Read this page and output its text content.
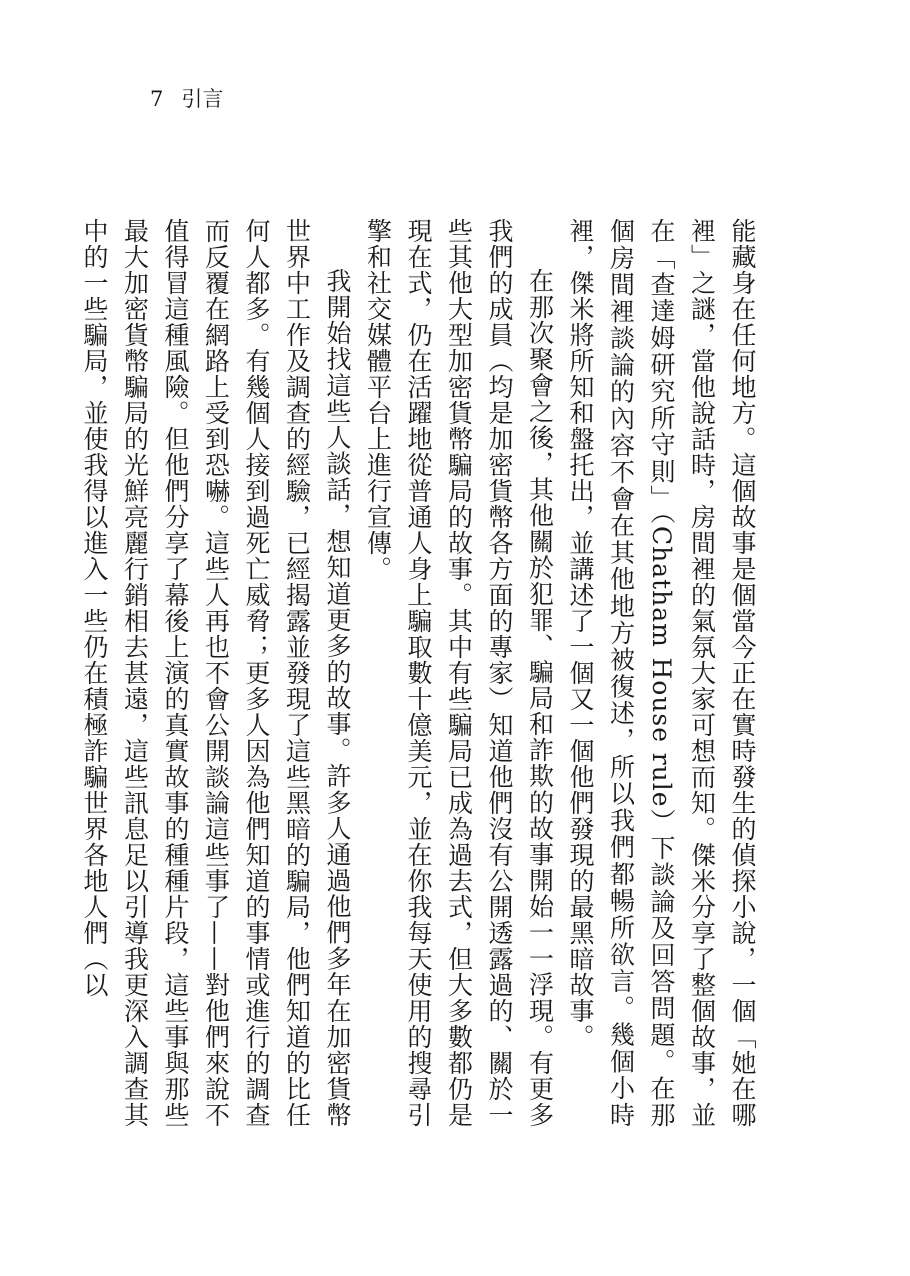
7 引言

能藏身在任何地方。這個故事是個當今正在實時發生的偵探小說，一個「她在哪裡」之謎，當他說話時，房間裡的氣氛大家可想而知。傑米分享了整個故事，並在「查達姆研究所守則」（Chatham House rule）下談論及回答問題。在那個房間裡談論的內容不會在其他地方被復述，所以我們都暢所欲言。幾個小時裡，傑米將所知和盤托出，並講述了一個又一個他們發現的最黑暗故事。

在那次聚會之後，其他關於犯罪、騙局和詐欺的故事開始一一浮現。有更多我們的成員（均是加密貨幣各方面的專家）知道他們沒有公開透露過的、關於一些其他大型加密貨幣騙局的故事。其中有些騙局已成為過去式，但大多數都仍是現在式，仍在活躍地從普通人身上騙取數十億美元，並在你我每天使用的搜尋引擎和社交媒體平台上進行宣傳。

我開始找這些人談話，想知道更多的故事。許多人通過他們多年在加密貨幣世界中工作及調查的經驗，已經揭露並發現了這些黑暗的騙局，他們知道的比任何人都多。有幾個人接到過死亡威脅；更多人因為他們知道的事情或進行的調查而反覆在網路上受到恐嚇。這些人再也不會公開談論這些事了——對他們來說不值得冒這種風險。但他們分享了幕後上演的真實故事的種種片段，這些事與那些最大加密貨幣騙局的光鮮亮麗行銷相去甚遠，這些訊息足以引導我更深入調查其中的一些騙局，並使我得以進入一些仍在積極詐騙世界各地人們（以
